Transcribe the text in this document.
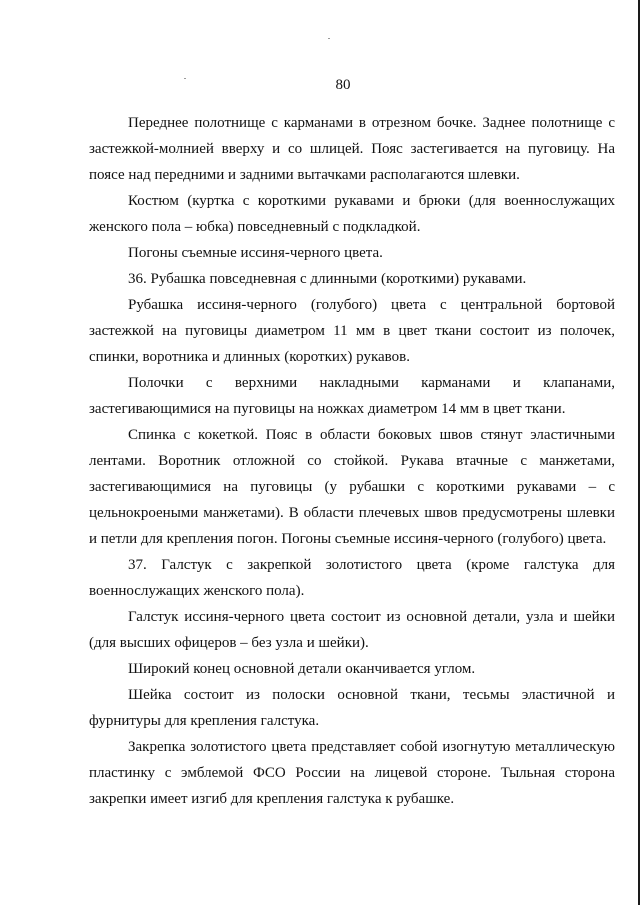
80

Переднее полотнище с карманами в отрезном бочке. Заднее полотнище с застежкой-молнией вверху и со шлицей. Пояс застегивается на пуговицу. На поясе над передними и задними вытачками располагаются шлевки.

Костюм (куртка с короткими рукавами и брюки (для военнослужащих женского пола – юбка) повседневный с подкладкой.

Погоны съемные иссиня-черного цвета.

36. Рубашка повседневная с длинными (короткими) рукавами.

Рубашка иссиня-черного (голубого) цвета с центральной бортовой застежкой на пуговицы диаметром 11 мм в цвет ткани состоит из полочек, спинки, воротника и длинных (коротких) рукавов.

Полочки с верхними накладными карманами и клапанами, застегивающимися на пуговицы на ножках диаметром 14 мм в цвет ткани.

Спинка с кокеткой. Пояс в области боковых швов стянут эластичными лентами. Воротник отложной со стойкой. Рукава втачные с манжетами, застегивающимися на пуговицы (у рубашки с короткими рукавами – с цельнокроеными манжетами). В области плечевых швов предусмотрены шлевки и петли для крепления погон. Погоны съемные иссиня-черного (голубого) цвета.

37. Галстук с закрепкой золотистого цвета (кроме галстука для военнослужащих женского пола).

Галстук иссиня-черного цвета состоит из основной детали, узла и шейки (для высших офицеров – без узла и шейки).

Широкий конец основной детали оканчивается углом.

Шейка состоит из полоски основной ткани, тесьмы эластичной и фурнитуры для крепления галстука.

Закрепка золотистого цвета представляет собой изогнутую металлическую пластинку с эмблемой ФСО России на лицевой стороне. Тыльная сторона закрепки имеет изгиб для крепления галстука к рубашке.
